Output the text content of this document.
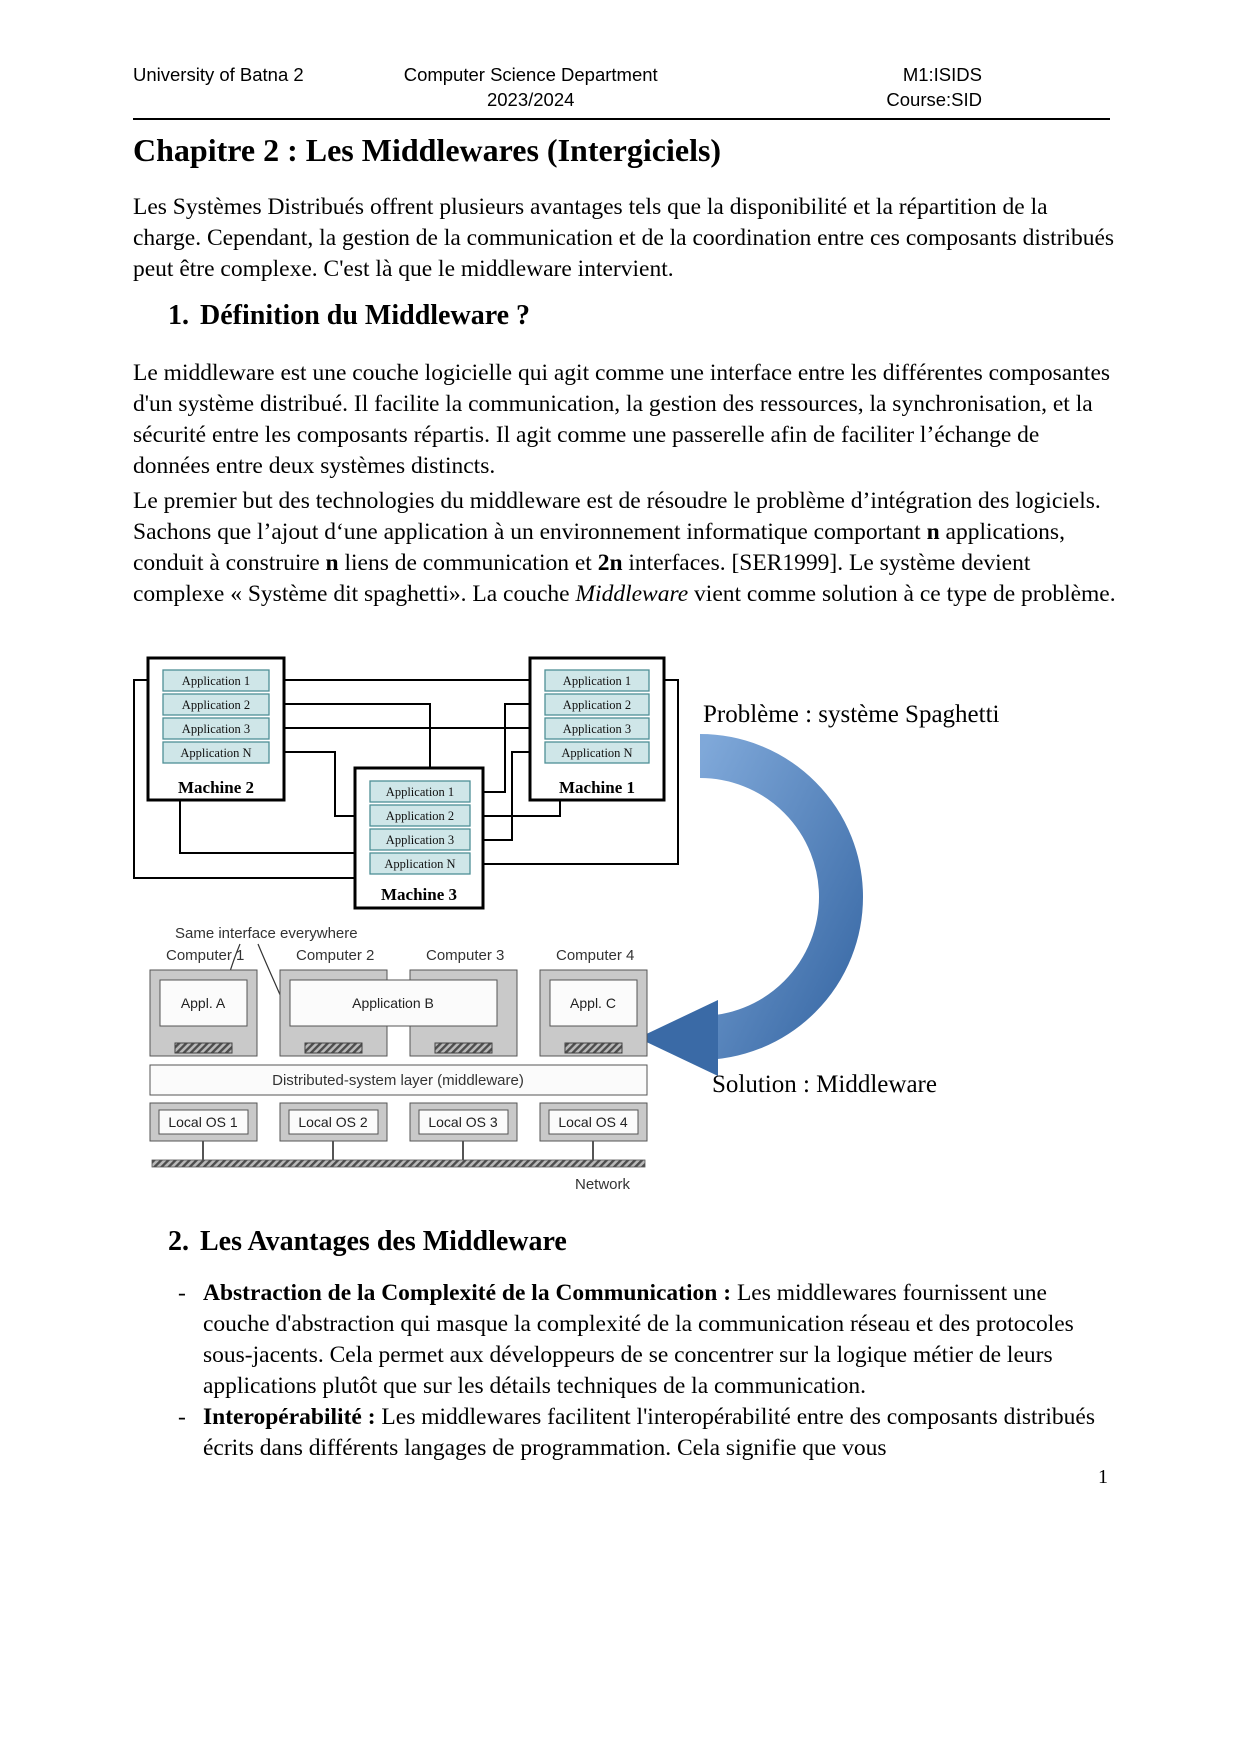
University of Batna 2	Computer Science Department
2023/2024
M1:ISIDS
Course:SID
Chapitre 2 : Les Middlewares (Intergiciels)
Les Systèmes Distribués offrent plusieurs avantages tels que la disponibilité et la répartition de la charge. Cependant, la gestion de la communication et de la coordination entre ces composants distribués peut être complexe. C'est là que le middleware intervient.
1. Définition du Middleware ?
Le middleware est une couche logicielle qui agit comme une interface entre les différentes composantes d'un système distribué. Il facilite la communication, la gestion des ressources, la synchronisation, et la sécurité entre les composants répartis. Il agit comme une passerelle afin de faciliter l’échange de données entre deux systèmes distincts.
Le premier but des technologies du middleware est de résoudre le problème d’intégration des logiciels. Sachons que l’ajout d‘une application à un environnement informatique comportant n applications, conduit à construire n liens de communication et 2n interfaces. [SER1999]. Le système devient complexe « Système dit spaghetti». La couche Middleware vient comme solution à ce type de problème.
Application 1
Application 2
Application 3
Application N
Machine 2
Application 1
Application 2
Application 3
Application N
Machine 1
Application 1
Application 2
Application 3
Application N
Machine 3
Problème : système Spaghetti
Same interface everywhere
Computer 1	Computer 2	Computer 3	Computer 4
Appl. A	Application B	Appl. C
Distributed-system layer (middleware)
Local OS 1	Local OS 2	Local OS 3	Local OS 4
Network
Solution : Middleware
2. Les Avantages des Middleware
- Abstraction de la Complexité de la Communication : Les middlewares fournissent une couche d'abstraction qui masque la complexité de la communication réseau et des protocoles sous-jacents. Cela permet aux développeurs de se concentrer sur la logique métier de leurs applications plutôt que sur les détails techniques de la communication.
- Interopérabilité : Les middlewares facilitent l'interopérabilité entre des composants distribués écrits dans différents langages de programmation. Cela signifie que vous
1
